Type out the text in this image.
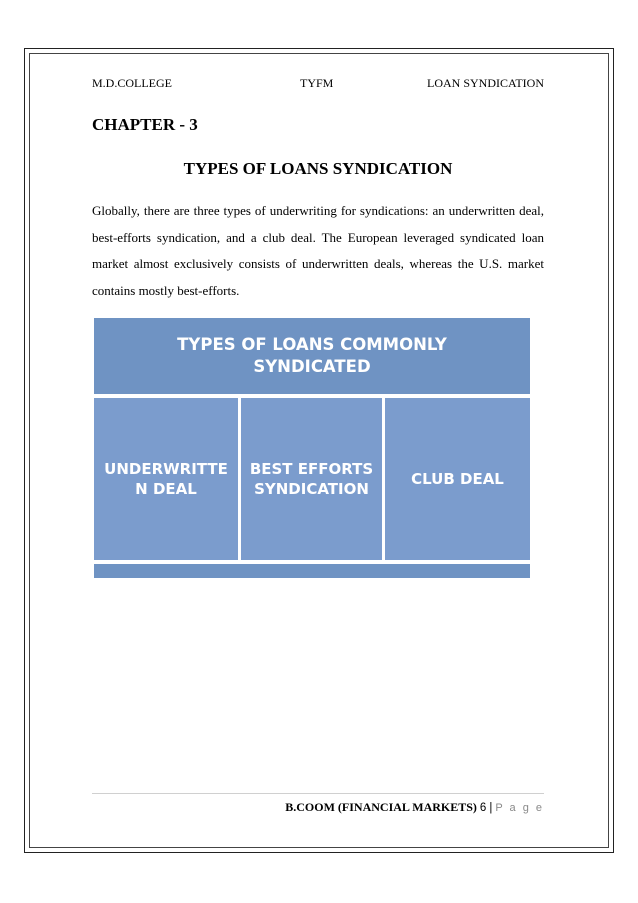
M.D.COLLEGE	TYFM	LOAN SYNDICATION
CHAPTER - 3
TYPES OF LOANS SYNDICATION

Globally, there are three types of underwriting for syndications: an underwritten deal, best-efforts syndication, and a club deal. The European leveraged syndicated loan market almost exclusively consists of underwritten deals, whereas the U.S. market contains mostly best-efforts.

TYPES OF LOANS COMMONLY SYNDICATED
UNDERWRITTEN DEAL
BEST EFFORTS SYNDICATION
CLUB DEAL
B.COOM (FINANCIAL MARKETS) 6 | P a g e
